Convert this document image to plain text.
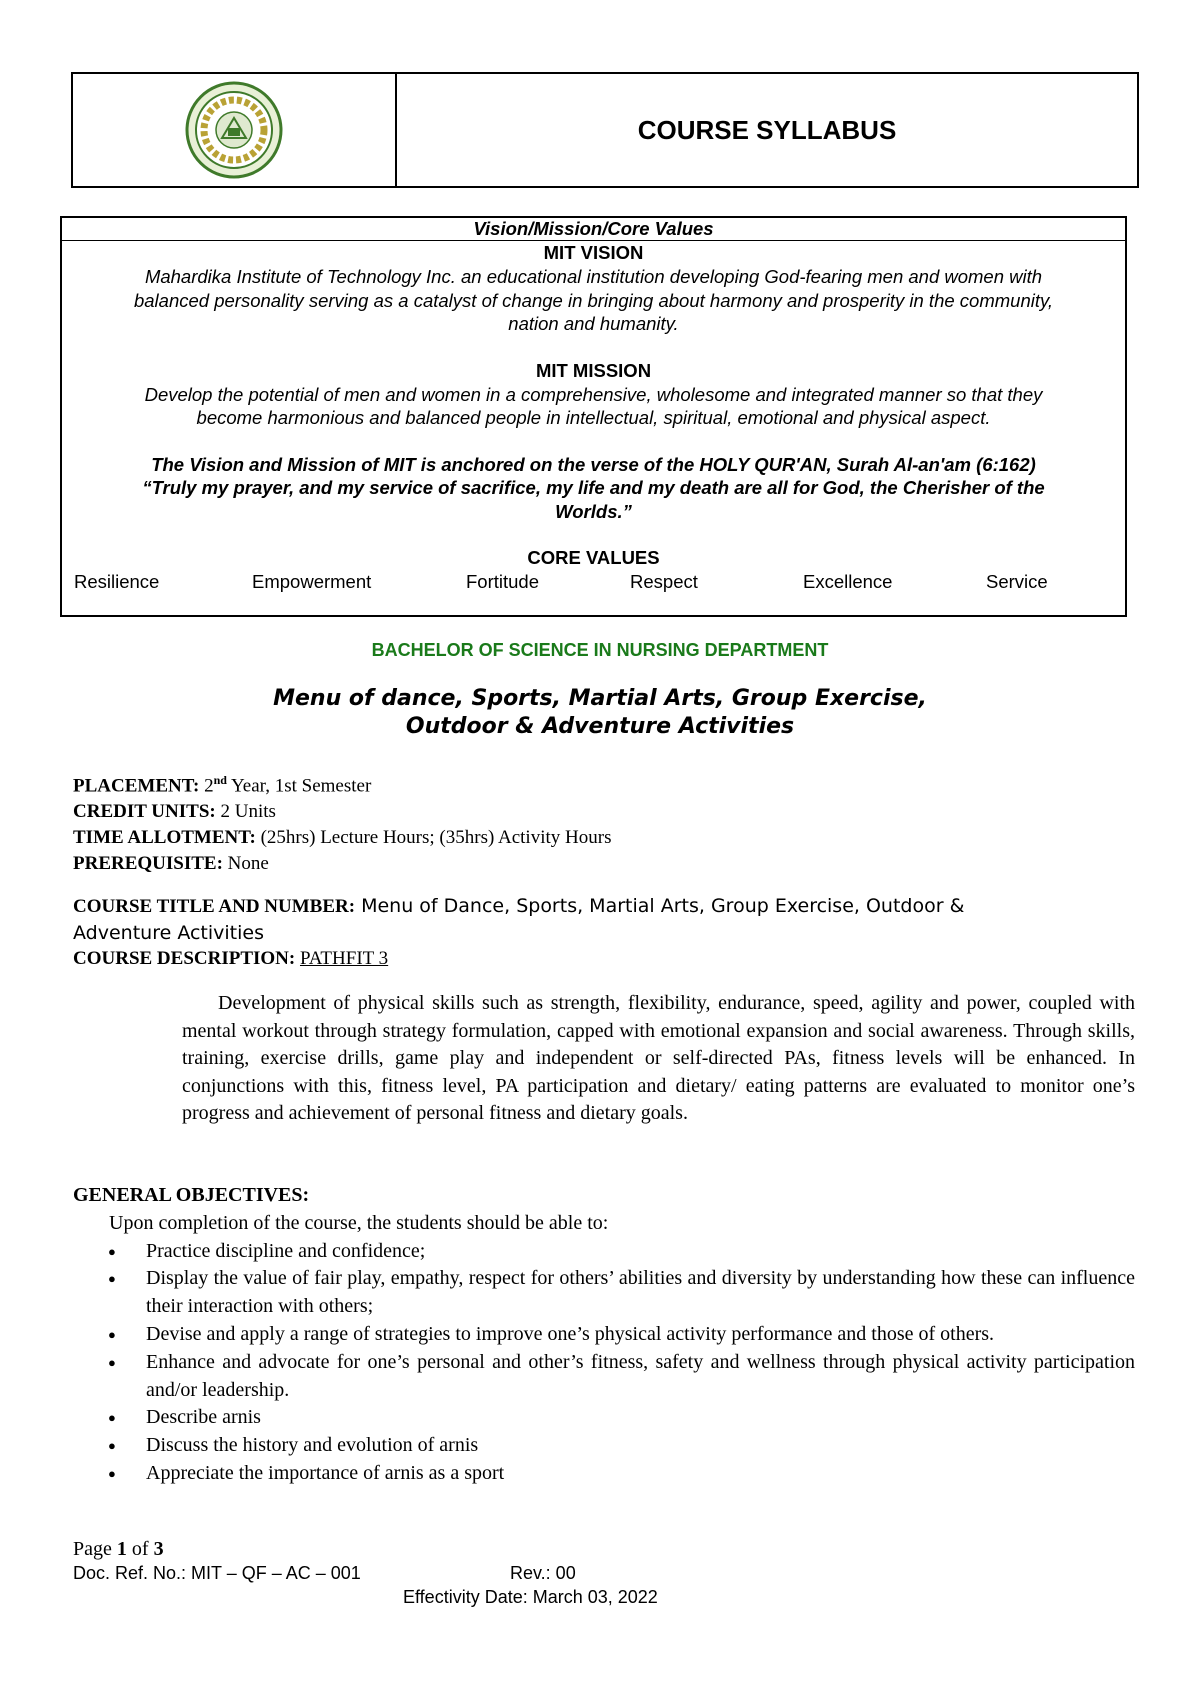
COURSE SYLLABUS
Vision/Mission/Core Values
MIT VISION
Mahardika Institute of Technology Inc. an educational institution developing God-fearing men and women with
balanced personality serving as a catalyst of change in bringing about harmony and prosperity in the community,
nation and humanity.
MIT MISSION
Develop the potential of men and women in a comprehensive, wholesome and integrated manner so that they
become harmonious and balanced people in intellectual, spiritual, emotional and physical aspect.
The Vision and Mission of MIT is anchored on the verse of the HOLY QUR'AN, Surah Al-an'am (6:162)
“Truly my prayer, and my service of sacrifice, my life and my death are all for God, the Cherisher of the
Worlds.”
CORE VALUES
Resilience	Empowerment	Fortitude	Respect	Excellence	Service
BACHELOR OF SCIENCE IN NURSING DEPARTMENT
Menu of dance, Sports, Martial Arts, Group Exercise,
Outdoor & Adventure Activities
PLACEMENT: 2nd Year, 1st Semester
CREDIT UNITS: 2 Units
TIME ALLOTMENT: (25hrs) Lecture Hours; (35hrs) Activity Hours
PREREQUISITE: None
COURSE TITLE AND NUMBER: Menu of Dance, Sports, Martial Arts, Group Exercise, Outdoor &
Adventure Activities
COURSE DESCRIPTION: PATHFIT 3
Development of physical skills such as strength, flexibility, endurance, speed, agility and power, coupled with mental workout through strategy formulation, capped with emotional expansion and social awareness. Through skills, training, exercise drills, game play and independent or self-directed PAs, fitness levels will be enhanced. In conjunctions with this, fitness level, PA participation and dietary/ eating patterns are evaluated to monitor one’s progress and achievement of personal fitness and dietary goals.
GENERAL OBJECTIVES:
Upon completion of the course, the students should be able to:
● Practice discipline and confidence;
● Display the value of fair play, empathy, respect for others’ abilities and diversity by understanding how these can influence their interaction with others;
● Devise and apply a range of strategies to improve one’s physical activity performance and those of others.
● Enhance and advocate for one’s personal and other’s fitness, safety and wellness through physical activity participation and/or leadership.
● Describe arnis
● Discuss the history and evolution of arnis
● Appreciate the importance of arnis as a sport
Page 1 of 3
Doc. Ref. No.: MIT – QF – AC – 001	Rev.: 00
Effectivity Date: March 03, 2022
